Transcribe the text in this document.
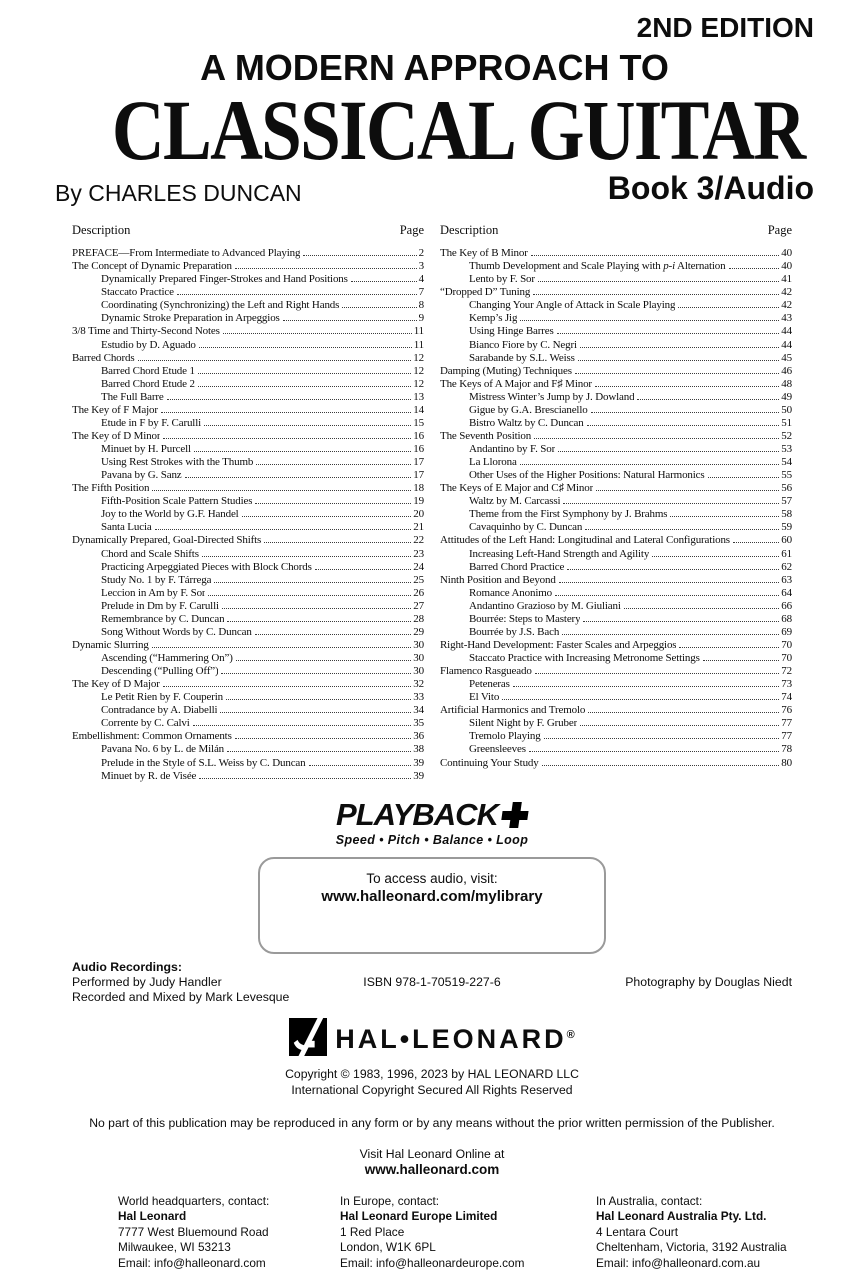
2ND EDITION
A MODERN APPROACH TO
CLASSICAL GUITAR
By CHARLES DUNCAN	Book 3/Audio
Description	Page
PREFACE—From Intermediate to Advanced Playing	2
The Concept of Dynamic Preparation	3
Dynamically Prepared Finger-Strokes and Hand Positions	4
Staccato Practice	7
Coordinating (Synchronizing) the Left and Right Hands	8
Dynamic Stroke Preparation in Arpeggios	9
3/8 Time and Thirty-Second Notes	11
Estudio by D. Aguado	11
Barred Chords	12
Barred Chord Etude 1	12
Barred Chord Etude 2	12
The Full Barre	13
The Key of F Major	14
Etude in F by F. Carulli	15
The Key of D Minor	16
Minuet by H. Purcell	16
Using Rest Strokes with the Thumb	17
Pavana by G. Sanz	17
The Fifth Position	18
Fifth-Position Scale Pattern Studies	19
Joy to the World by G.F. Handel	20
Santa Lucia	21
Dynamically Prepared, Goal-Directed Shifts	22
Chord and Scale Shifts	23
Practicing Arpeggiated Pieces with Block Chords	24
Study No. 1 by F. Tárrega	25
Leccion in Am by F. Sor	26
Prelude in Dm by F. Carulli	27
Remembrance by C. Duncan	28
Song Without Words by C. Duncan	29
Dynamic Slurring	30
Ascending (“Hammering On”)	30
Descending (“Pulling Off”)	30
The Key of D Major	32
Le Petit Rien by F. Couperin	33
Contradance by A. Diabelli	34
Corrente by C. Calvi	35
Embellishment: Common Ornaments	36
Pavana No. 6 by L. de Milán	38
Prelude in the Style of S.L. Weiss by C. Duncan	39
Minuet by R. de Visée	39
Description	Page
The Key of B Minor	40
Thumb Development and Scale Playing with p-i Alternation	40
Lento by F. Sor	41
“Dropped D” Tuning	42
Changing Your Angle of Attack in Scale Playing	42
Kemp’s Jig	43
Using Hinge Barres	44
Bianco Fiore by C. Negri	44
Sarabande by S.L. Weiss	45
Damping (Muting) Techniques	46
The Keys of A Major and F♯ Minor	48
Mistress Winter’s Jump by J. Dowland	49
Gigue by G.A. Brescianello	50
Bistro Waltz by C. Duncan	51
The Seventh Position	52
Andantino by F. Sor	53
La Llorona	54
Other Uses of the Higher Positions: Natural Harmonics	55
The Keys of E Major and C♯ Minor	56
Waltz by M. Carcassi	57
Theme from the First Symphony by J. Brahms	58
Cavaquinho by C. Duncan	59
Attitudes of the Left Hand: Longitudinal and Lateral Configurations	60
Increasing Left-Hand Strength and Agility	61
Barred Chord Practice	62
Ninth Position and Beyond	63
Romance Anonimo	64
Andantino Grazioso by M. Giuliani	66
Bourrée: Steps to Mastery	68
Bourrée by J.S. Bach	69
Right-Hand Development: Faster Scales and Arpeggios	70
Staccato Practice with Increasing Metronome Settings	70
Flamenco Rasgueado	72
Peteneras	73
El Vito	74
Artificial Harmonics and Tremolo	76
Silent Night by F. Gruber	77
Tremolo Playing	77
Greensleeves	78
Continuing Your Study	80
PLAYBACK
Speed • Pitch • Balance • Loop
To access audio, visit:
www.halleonard.com/mylibrary
Audio Recordings:
Performed by Judy Handler
Recorded and Mixed by Mark Levesque
ISBN 978-1-70519-227-6	Photography by Douglas Niedt
HAL•LEONARD®
Copyright © 1983, 1996, 2023 by HAL LEONARD LLC
International Copyright Secured All Rights Reserved
No part of this publication may be reproduced in any form or by any means without the prior written permission of the Publisher.
Visit Hal Leonard Online at
www.halleonard.com
World headquarters, contact:
Hal Leonard
7777 West Bluemound Road
Milwaukee, WI 53213
Email: info@halleonard.com
In Europe, contact:
Hal Leonard Europe Limited
1 Red Place
London, W1K 6PL
Email: info@halleonardeurope.com
In Australia, contact:
Hal Leonard Australia Pty. Ltd.
4 Lentara Court
Cheltenham, Victoria, 3192 Australia
Email: info@halleonard.com.au
